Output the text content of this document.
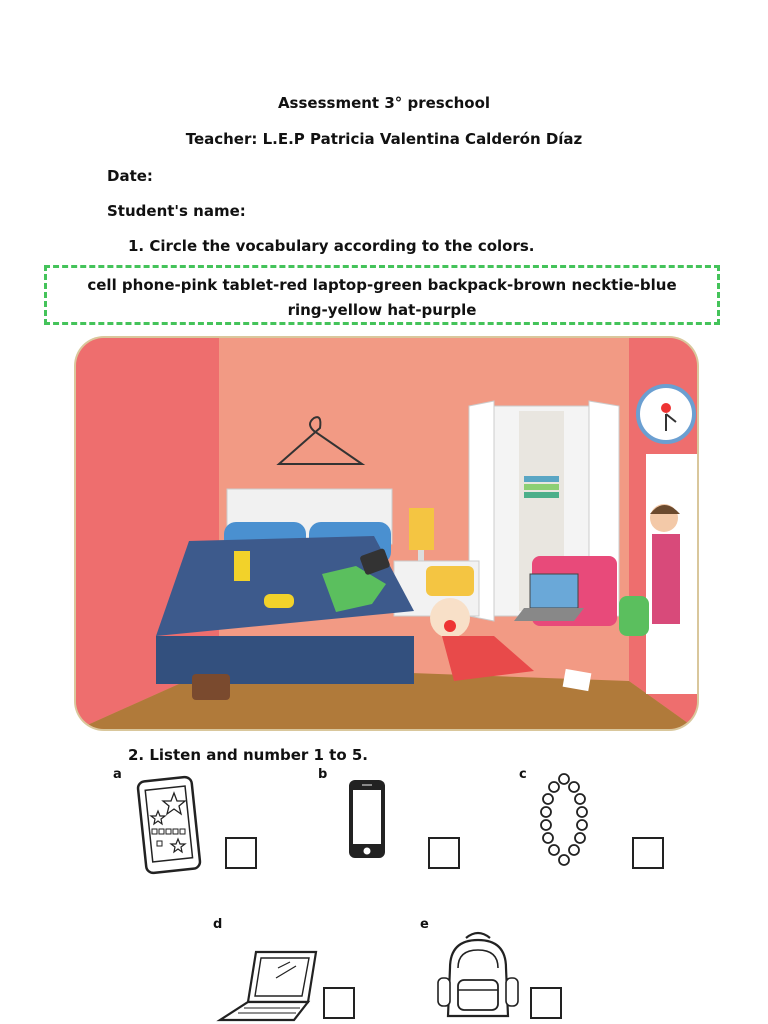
Assessment 3° preschool
Teacher: L.E.P Patricia Valentina Calderón Díaz
Date:
Student's name:
1. Circle the vocabulary according to the colors.
cell phone-pink tablet-red laptop-green backpack-brown necktie-blue
ring-yellow hat-purple
2. Listen and number 1 to 5.
a	b	c
d	e
